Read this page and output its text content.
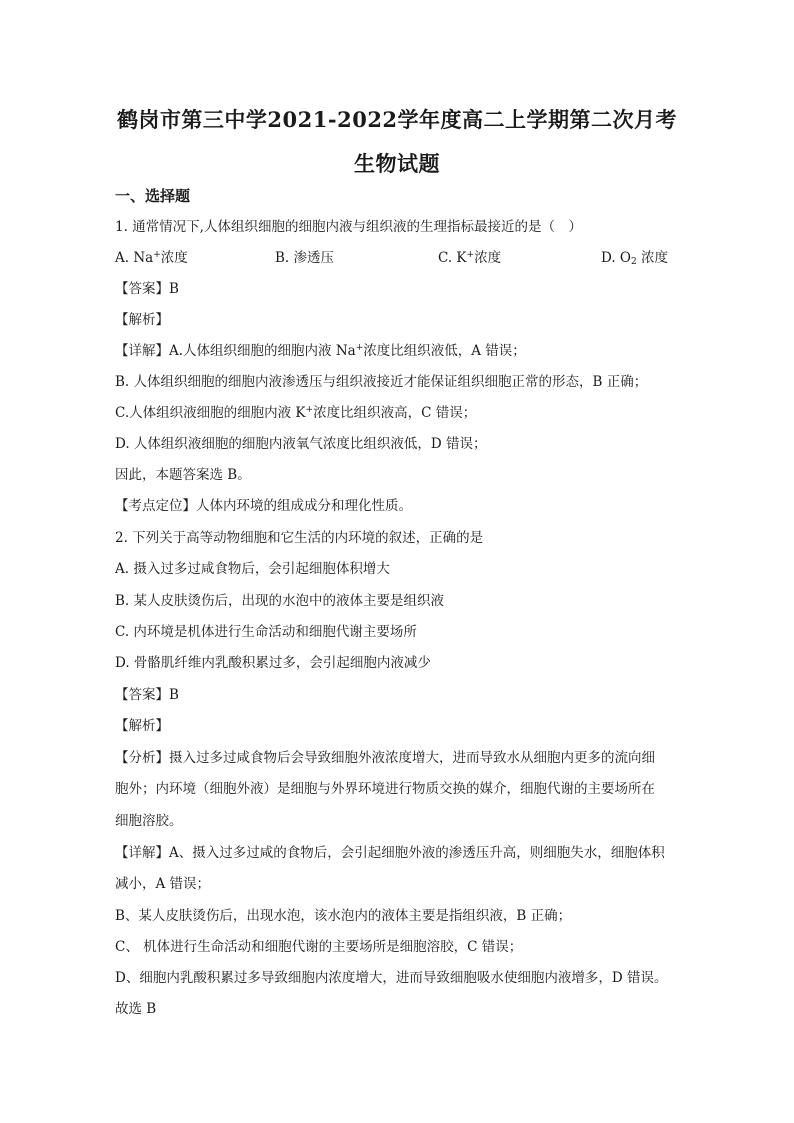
鹤岗市第三中学2021-2022学年度高二上学期第二次月考
生物试题
一、选择题
1. 通常情况下,人体组织细胞的细胞内液与组织液的生理指标最接近的是（　）
A. Na+浓度	B. 渗透压	C. K+浓度	D. $O_2$ 浓度
【答案】B
【解析】
【详解】A.人体组织细胞的细胞内液 Na+浓度比组织液低，A 错误；
B. 人体组织细胞的细胞内液渗透压与组织液接近才能保证组织细胞正常的形态，B 正确；
C.人体组织液细胞的细胞内液 K+浓度比组织液高，C 错误；
D. 人体组织液细胞的细胞内液氧气浓度比组织液低，D 错误；
因此，本题答案选 B。
【考点定位】人体内环境的组成成分和理化性质。
2. 下列关于高等动物细胞和它生活的内环境的叙述，正确的是
A. 摄入过多过咸食物后，会引起细胞体积增大
B. 某人皮肤烫伤后，出现的水泡中的液体主要是组织液
C. 内环境是机体进行生命活动和细胞代谢主要场所
D. 骨骼肌纤维内乳酸积累过多，会引起细胞内液减少
【答案】B
【解析】
【分析】摄入过多过咸食物后会导致细胞外液浓度增大，进而导致水从细胞内更多的流向细
胞外；内环境（细胞外液）是细胞与外界环境进行物质交换的媒介，细胞代谢的主要场所在
细胞溶胶。
【详解】A、摄入过多过咸的食物后，会引起细胞外液的渗透压升高，则细胞失水，细胞体积
减小，A 错误；
B、某人皮肤烫伤后，出现水泡，该水泡内的液体主要是指组织液，B 正确；
C、 机体进行生命活动和细胞代谢的主要场所是细胞溶胶，C 错误；
D、细胞内乳酸积累过多导致细胞内浓度增大，进而导致细胞吸水使细胞内液增多，D 错误。
故选 B
